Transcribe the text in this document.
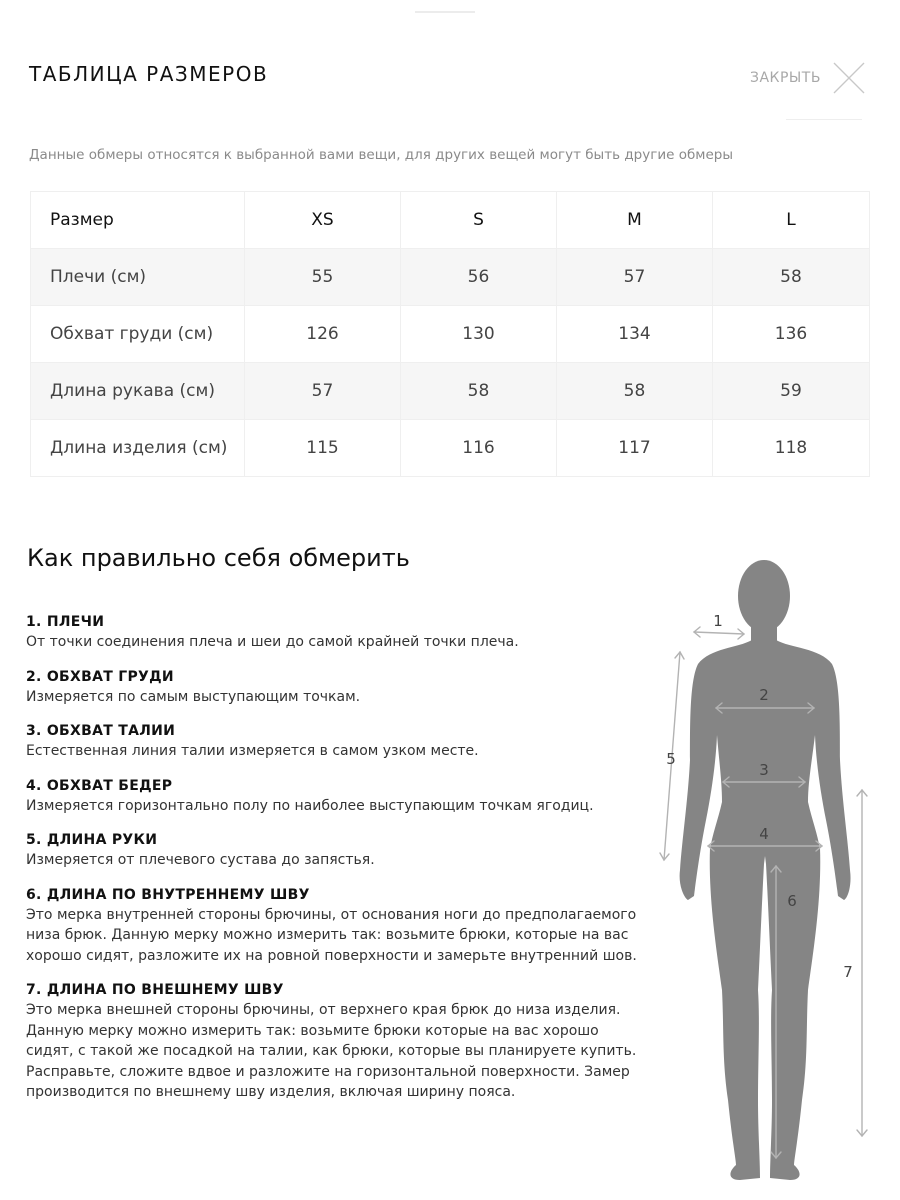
ТАБЛИЦА РАЗМЕРОВ	ЗАКРЫТЬ
Данные обмеры относятся к выбранной вами вещи, для других вещей могут быть другие обмеры
Размер	XS	S	M	L
Плечи (см)	55	56	57	58
Обхват груди (см)	126	130	134	136
Длина рукава (см)	57	58	58	59
Длина изделия (см)	115	116	117	118
Как правильно себя обмерить
1. ПЛЕЧИ
От точки соединения плеча и шеи до самой крайней точки плеча.
2. ОБХВАТ ГРУДИ
Измеряется по самым выступающим точкам.
3. ОБХВАТ ТАЛИИ
Естественная линия талии измеряется в самом узком месте.
4. ОБХВАТ БЕДЕР
Измеряется горизонтально полу по наиболее выступающим точкам ягодиц.
5. ДЛИНА РУКИ
Измеряется от плечевого сустава до запястья.
6. ДЛИНА ПО ВНУТРЕННЕМУ ШВУ
Это мерка внутренней стороны брючины, от основания ноги до предполагаемого низа брюк. Данную мерку можно измерить так: возьмите брюки, которые на вас хорошо сидят, разложите их на ровной поверхности и замерьте внутренний шов.
7. ДЛИНА ПО ВНЕШНЕМУ ШВУ
Это мерка внешней стороны брючины, от верхнего края брюк до низа изделия. Данную мерку можно измерить так: возьмите брюки которые на вас хорошо сидят, с такой же посадкой на талии, как брюки, которые вы планируете купить. Расправьте, сложите вдвое и разложите на горизонтальной поверхности. Замер производится по внешнему шву изделия, включая ширину пояса.
1
2
3
4
5
6
7
